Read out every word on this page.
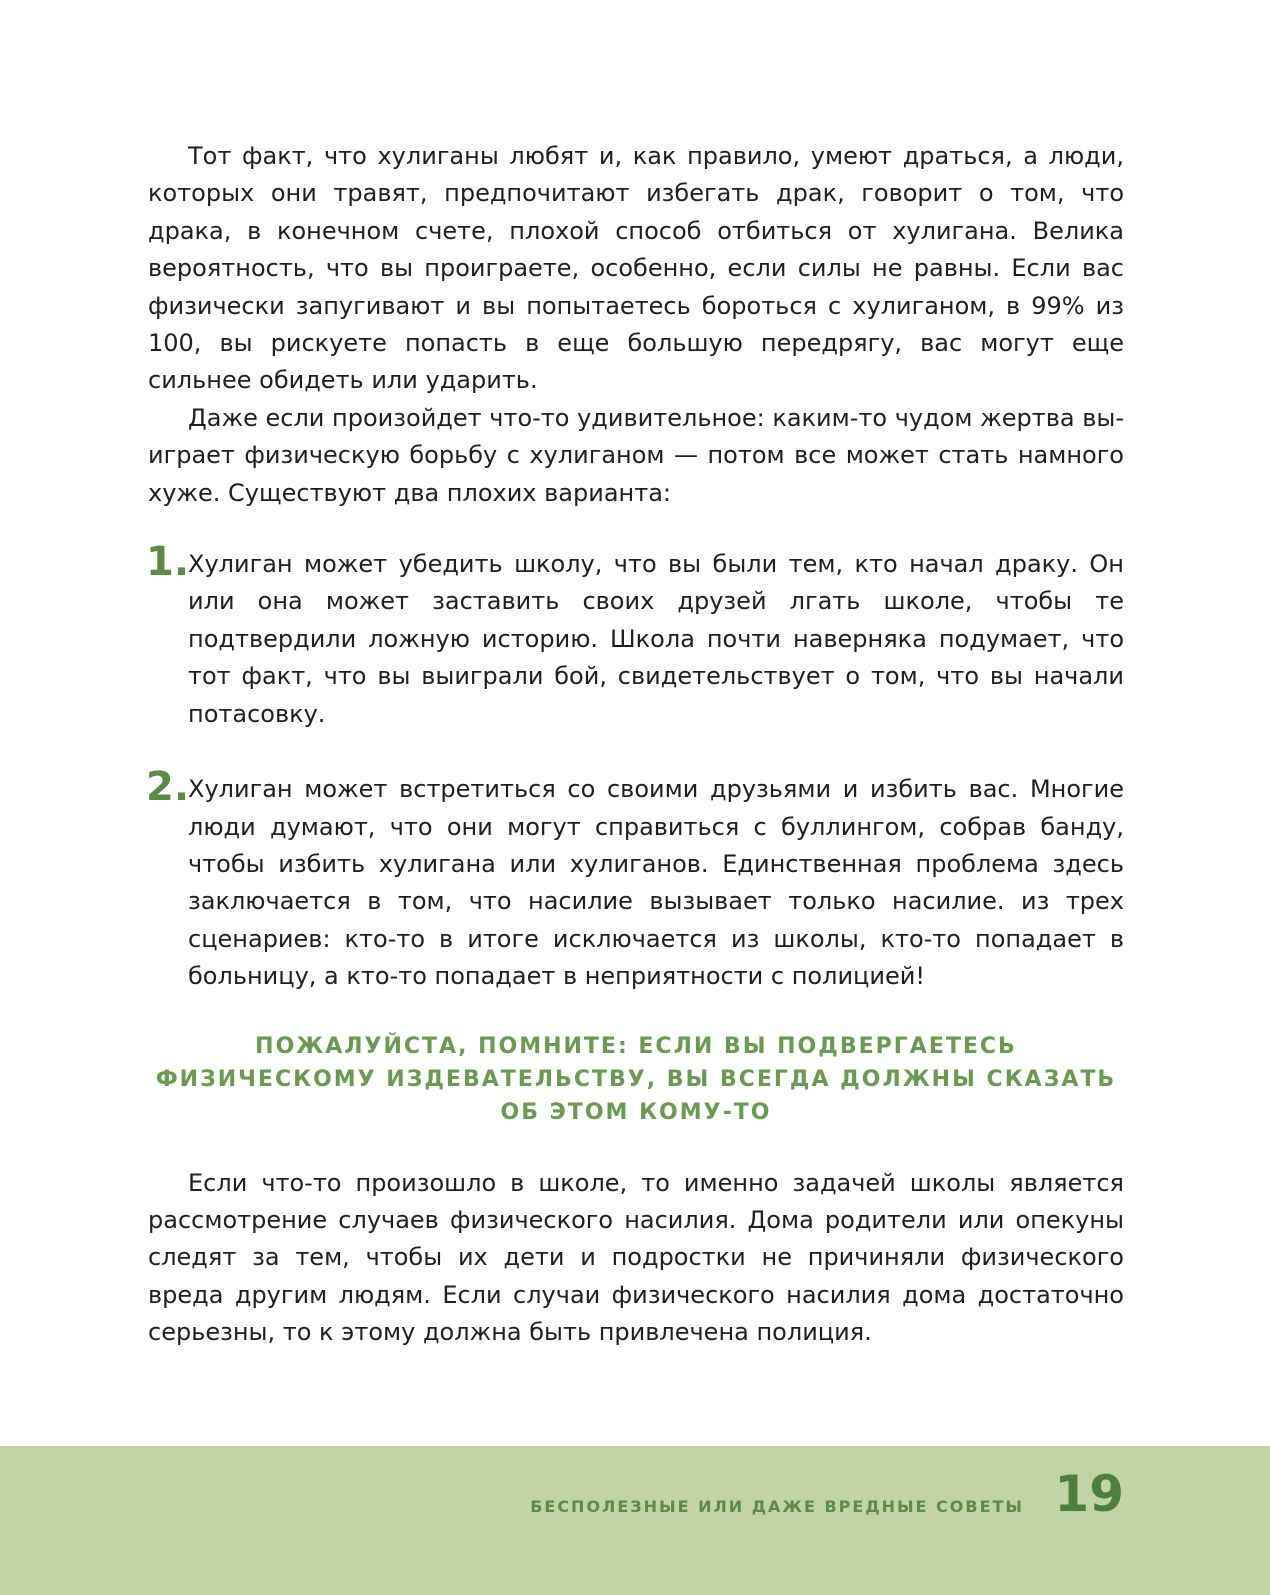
Тот факт, что хулиганы любят и, как правило, умеют драться, а люди, которых они травят, предпочитают избегать драк, говорит о том, что драка, в конечном счете, плохой способ отбиться от хулигана. Велика вероятность, что вы проиграете, особенно, если силы не равны. Если вас физически запугивают и вы попытаетесь бороться с хулиганом, в 99% из 100, вы рискуете попасть в еще большую передрягу, вас могут еще сильнее обидеть или ударить.

Даже если произойдет что-то удивительное: каким-то чудом жертва выиграет физическую борьбу с хулиганом — потом все может стать намного хуже. Существуют два плохих варианта:

1.
Хулиган может убедить школу, что вы были тем, кто начал драку. Он или она может заставить своих друзей лгать школе, чтобы те подтвердили ложную историю. Школа почти наверняка подумает, что тот факт, что вы выиграли бой, свидетельствует о том, что вы начали потасовку.
2.
Хулиган может встретиться со своими друзьями и избить вас. Многие люди думают, что они могут справиться с буллингом, собрав банду, чтобы избить хулигана или хулиганов. Единственная проблема здесь заключается в том, что насилие вызывает только насилие. из трех сценариев: кто-то в итоге исключается из школы, кто-то попадает в больницу, а кто-то попадает в неприятности с полицией!
ПОЖАЛУЙСТА, ПОМНИТЕ: ЕСЛИ ВЫ ПОДВЕРГАЕТЕСЬ
ФИЗИЧЕСКОМУ ИЗДЕВАТЕЛЬСТВУ, ВЫ ВСЕГДА ДОЛЖНЫ СКАЗАТЬ
ОБ ЭТОМ КОМУ-ТО

Если что-то произошло в школе, то именно задачей школы является рассмотрение случаев физического насилия. Дома родители или опекуны следят за тем, чтобы их дети и подростки не причиняли физического вреда другим людям. Если случаи физического насилия дома достаточно серьезны, то к этому должна быть привлечена полиция.

БЕСПОЛЕЗНЫЕ ИЛИ ДАЖЕ ВРЕДНЫЕ СОВЕТЫ 19
